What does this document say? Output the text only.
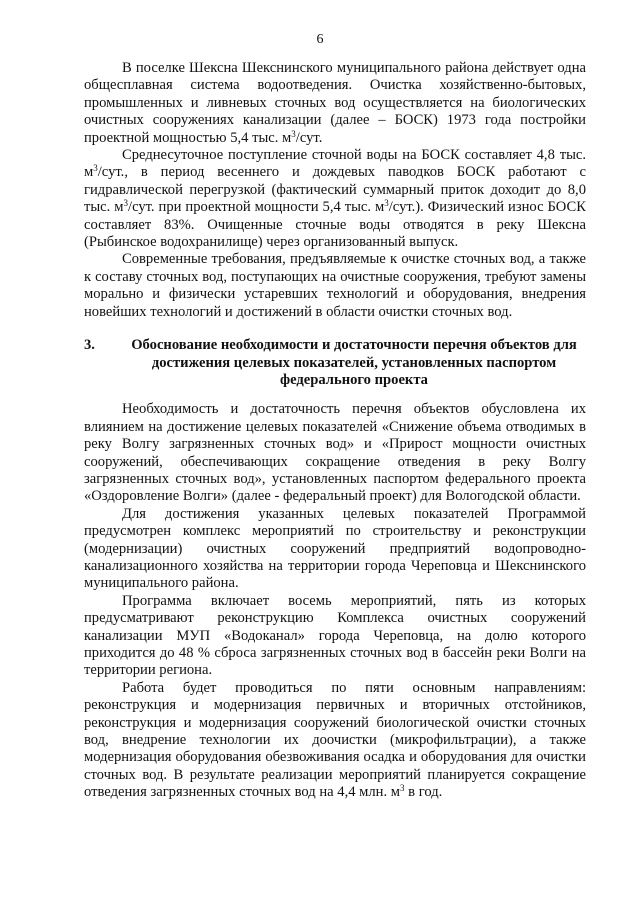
6

В поселке Шексна Шекснинского муниципального района действует одна общесплавная система водоотведения. Очистка хозяйственно-бытовых, промышленных и ливневых сточных вод осуществляется на биологических очистных сооружениях канализации (далее – БОСК) 1973 года постройки проектной мощностью 5,4 тыс. $м^3$/сут.

Среднесуточное поступление сточной воды на БОСК составляет 4,8 тыс. $м^3$/сут., в период весеннего и дождевых паводков БОСК работают с гидравлической перегрузкой (фактический суммарный приток доходит до 8,0 тыс. $м^3$/сут. при проектной мощности 5,4 тыс. $м^3/сут$.). Физический износ БОСК составляет 83%. Очищенные сточные воды отводятся в реку Шексна (Рыбинское водохранилище) через организованный выпуск.

Современные требования, предъявляемые к очистке сточных вод, а также к составу сточных вод, поступающих на очистные сооружения, требуют замены морально и физически устаревших технологий и оборудования, внедрения новейших технологий и достижений в области очистки сточных вод.

3.	Обоснование необходимости и достаточности перечня объектов для достижения целевых показателей, установленных паспортом федерального проекта

Необходимость и достаточность перечня объектов обусловлена их влиянием на достижение целевых показателей «Снижение объема отводимых в реку Волгу загрязненных сточных вод» и «Прирост мощности очистных сооружений, обеспечивающих сокращение отведения в реку Волгу загрязненных сточных вод», установленных паспортом федерального проекта «Оздоровление Волги» (далее - федеральный проект) для Вологодской области.

Для достижения указанных целевых показателей Программой предусмотрен комплекс мероприятий по строительству и реконструкции (модернизации) очистных сооружений предприятий водопроводно-канализационного хозяйства на территории города Череповца и Шекснинского муниципального района.

Программа включает восемь мероприятий, пять из которых предусматривают реконструкцию Комплекса очистных сооружений канализации МУП «Водоканал» города Череповца, на долю которого приходится до 48 % сброса загрязненных сточных вод в бассейн реки Волги на территории региона.

Работа будет проводиться по пяти основным направлениям: реконструкция и модернизация первичных и вторичных отстойников, реконструкция и модернизация сооружений биологической очистки сточных вод, внедрение технологии их доочистки (микрофильтрации), а также модернизация оборудования обезвоживания осадка и оборудования для очистки сточных вод. В результате реализации мероприятий планируется сокращение отведения загрязненных сточных вод на 4,4 млн. $м^3$ в год.
